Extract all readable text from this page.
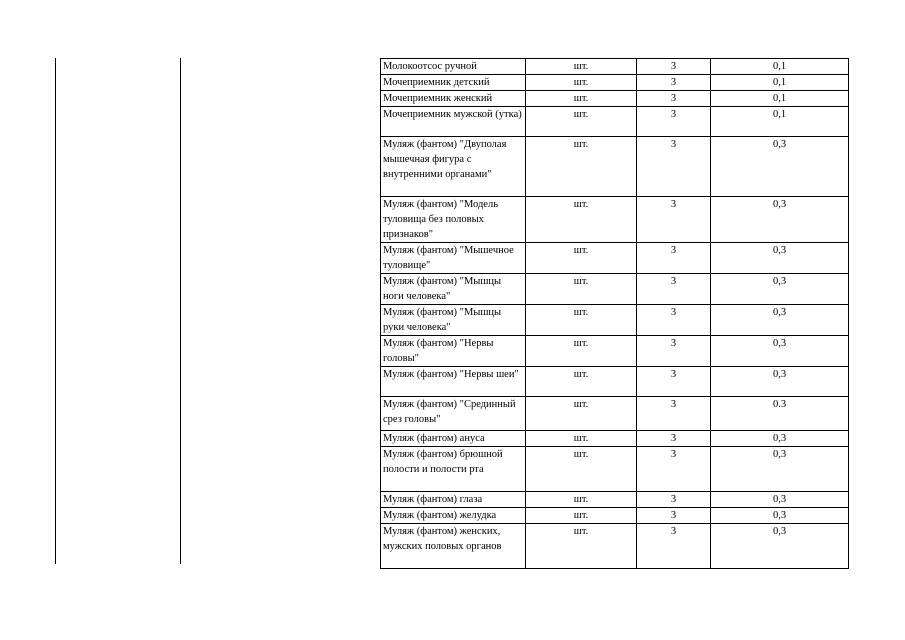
Молокоотсос ручной	шт.	3	0,1
Мочеприемник детский	шт.	3	0,1
Мочеприемник женский	шт.	3	0,1
Мочеприемник мужской (утка)	шт.	3	0,1
Муляж (фантом) "Двуполая мышечная фигура с внутренними органами"	шт.	3	0,3
Муляж (фантом) "Модель туловища без половых признаков"	шт.	3	0,3
Муляж (фантом) "Мышечное туловище"	шт.	3	0,3
Муляж (фантом) "Мышцы ноги человека"	шт.	3	0,3
Муляж (фантом) "Мышцы руки человека"	шт.	3	0,3
Муляж (фантом) "Нервы головы"	шт.	3	0,3
Муляж (фантом) "Нервы шеи"	шт.	3	0,3
Муляж (фантом) "Срединный срез головы"	шт.	3	0.3
Муляж (фантом) ануса	шт.	3	0,3
Муляж (фантом) брюшной полости и полости рта	шт.	3	0,3
Муляж (фантом) глаза	шт.	3	0,3
Муляж (фантом) желудка	шт.	3	0,3
Муляж (фантом) женских, мужских половых органов	шт.	3	0,3
